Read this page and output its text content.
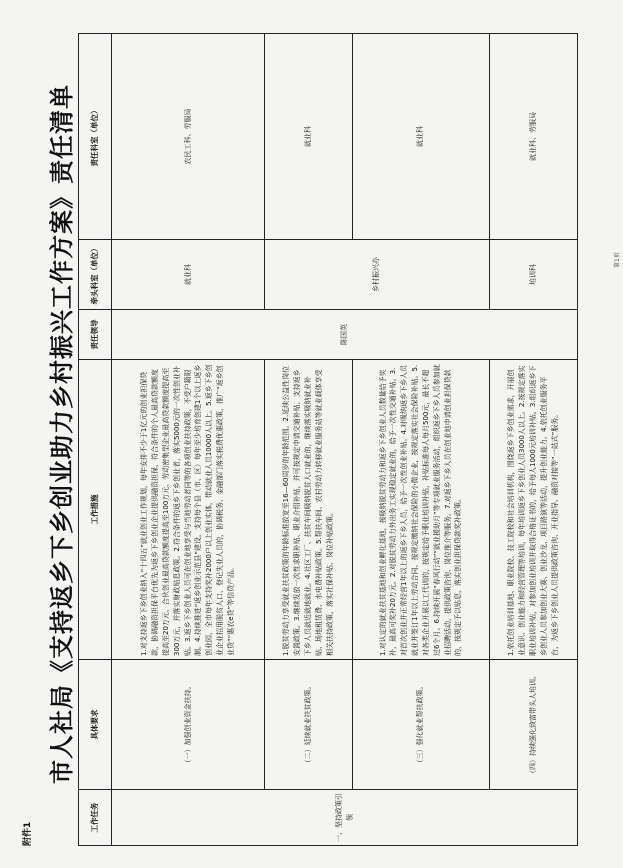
附件1
市人社局《支持返乡下乡创业助力乡村振兴工作方案》责任清单
工作任务	具体要求	工作措施	责任领导	牵头科室（单位）	责任科室（单位）
一、坚持政策引领	（一）加强创业资金扶持。	1.对支持返乡下乡创业纳入“十四五”就业创业工作规划，每年安排不少于1亿元的创业担保贷款，协调融资担保平台优先为返乡下乡创业企业提供融资担保，符合条件的个人最高贷款额度提高至20万元、合伙创业最高贷款额度提高至100万元、劳动密集型企业最高贷款额度提高至300万元，并落实财政贴息政策。2.符合条件的返乡下乡创业者，落实5000元的一次性创业补贴。3.返乡下乡创业人员可在创业地享受与当地劳动者同等的各项创业扶持政策，不受户籍限制。4.持续推进“返乡创业示范县”建设，支持每个县（市、区）每年至少培育创建1个以上返乡创业园，全市每年支持奖补2000户以上创业实体，带动就业人员10000人以上。5.返乡下乡创业企业招用脱贫人口、登记失业人员的，协调税务、金融部门落实税费优惠政策，推广“返乡创业贷”“惠农e贷”等信贷产品。	陈国英	就业科	农民工科、劳服局
	（二）延续就业扶贫政策。	1.脱贫劳动力享受就业扶贫政策的年龄标准放宽至16—60周岁的年龄范围。2.延续公益性岗位安置政策。3.继续发放一次性求职补贴、职业介绍补贴，并可按规定申请交通补贴，支持返乡下乡人员就近就地就业。4.社区工厂、扶贫车间吸纳脱贫人口就业的，继续落实吸纳就业补贴、场地租赁费、水电费补贴政策。5.帮扶车间、农村劳动力转移就业服务站等就业载体享受相关扶持政策，落实社保补贴、岗位补贴政策。		乡村振兴办	就业科
	（三）强化就业帮扶政策。	1.对认定的就业扶贫基地和创业孵化基地，按吸纳脱贫劳动力和返乡下乡创业人员数量给予奖补，最高可奖补20万元。2.对脱贫劳动力外出务工实现稳定就业的，给予一次性交通补贴。3.对首次创业并正常经营1年以上的返乡下乡人员，给予一次性创业补贴。4.对吸纳返乡下乡人员就业并签订1年以上劳动合同、按规定缴纳社会保险的小微企业，按规定落实社会保险补贴。5.对各类企业开展以工代训的，按规定给予职业培训补贴，补贴标准每人每月500元，最长不超过6个月。6.持续开展“春风行动”“就业援助月”等专项就业服务活动，组织返乡下乡人员参加就业招聘活动，提供政策咨询、岗位推介等服务。7.对返乡下乡人员在创业地申请创业担保贷款的，按规定予以贴息，落实创业担保贷款奖补政策。			就业科
	（四）持续强化致富带头人培训。	1.依托创业培训基地、职业院校、技工院校和社会培训机构，围绕返乡下乡创业需求，开展创业意识、创业能力和经营管理等培训，每年培训返乡下乡创业人员3000人以上。2.按规定落实职业培训补贴，对参加创业培训并取得合格证书的，给予每人1000元培训补贴。3.组织返乡下乡创业人员参加创业大赛、创业沙龙、项目路演等活动，提升创业能力。4.依托创业服务平台，为返乡下乡创业人员提供政策咨询、开业指导、融资对接等“一站式”服务。		培训科	就业科、劳服局
第1页
